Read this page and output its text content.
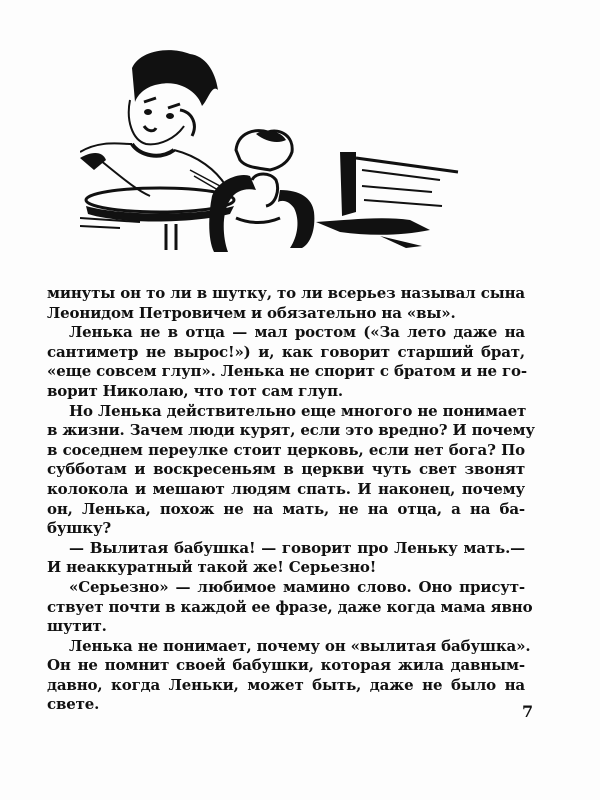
минуты он то ли в шутку, то ли всерьез называл сына
Леонидом Петровичем и обязательно на «вы».
Ленька не в отца — мал ростом («За лето даже на
сантиметр не вырос!») и, как говорит старший брат,
«еще совсем глуп». Ленька не спорит с братом и не го-
ворит Николаю, что тот сам глуп.
Но Ленька действительно еще многого не понимает
в жизни. Зачем люди курят, если это вредно? И почему
в соседнем переулке стоит церковь, если нет бога? По
субботам и воскресеньям в церкви чуть свет звонят
колокола и мешают людям спать. И наконец, почему
он, Ленька, похож не на мать, не на отца, а на ба-
бушку?
— Вылитая бабушка! — говорит про Леньку мать.—
И неаккуратный такой же! Серьезно!
«Серьезно» — любимое мамино слово. Оно присут-
ствует почти в каждой ее фразе, даже когда мама явно
шутит.
Ленька не понимает, почему он «вылитая бабушка».
Он не помнит своей бабушки, которая жила давным-
давно, когда Леньки, может быть, даже не было на
свете.	7
